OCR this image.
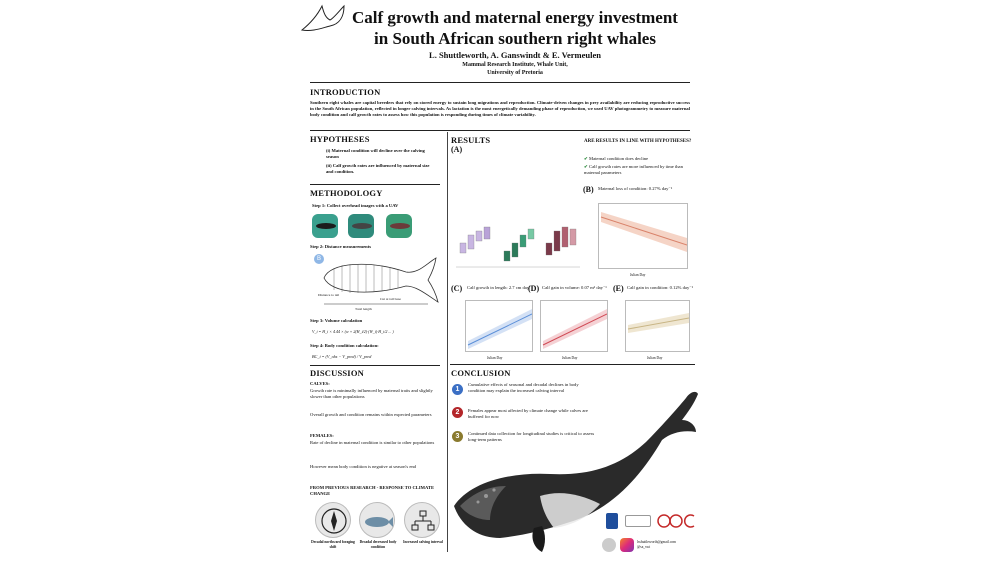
Calf growth and maternal energy investment
in South African southern right whales
L. Shuttleworth, A. Ganswindt & E. Vermeulen
Mammal Research Institute, Whale Unit,
University of Pretoria
INTRODUCTION
Southern right whales are capital breeders that rely on stored energy to sustain long migrations and reproduction. Climate-driven changes in prey availability are reducing reproductive success in the South African population, reflected in longer calving intervals. As lactation is the most energetically demanding phase of reproduction, we used UAV photogrammetry to measure maternal body condition and calf growth rates to assess how this population is responding during times of climate variability.
HYPOTHESES
(i) Maternal condition will decline over the calving season
(ii) Calf growth rates are influenced by maternal size and condition.
METHODOLOGY
Step 1: Collect overhead images with a UAV
Step 2: Distance measurements
B
Distance to tail
Cut at tail base
Total length
Step 3: Volume calculation
V_i = H_i × 4.44 × (w + 2(H_i/2)·(W_i)·H_i/2 ... )
Step 4: Body condition calculation:
BC_i = (V_obs − V_pred) / V_pred
DISCUSSION
CALVES:
Growth rate is minimally influenced by maternal traits and slightly slower than other populations
Overall growth and condition remains within expected parameters
FEMALES:
Rate of decline in maternal condition is similar to other populations
However mean body condition is negative at season's end
FROM PREVIOUS RESEARCH - RESPONSE TO CLIMATE CHANGE
Decadal northward foraging shift
Decadal decreased body condition
Increased calving interval
RESULTS
(A)
ARE RESULTS IN LINE WITH HYPOTHESES?
✔ Maternal condition does decline
✔ Calf growth rates are more influenced by time than maternal parameters
(B) Maternal loss of condition: 0.27% day⁻¹
Julian Day
(C) Calf growth in length: 2.7 cm day⁻¹
Julian Day
(D) Calf gain in volume: 0.07 m³ day⁻¹
Julian Day
(E) Calf gain in condition: 0.12% day⁻¹
Julian Day
CONCLUSION
1
Cumulative effects of seasonal and decadal declines in body condition may explain the increased calving interval
2	Females appear most affected by climate change while calves are buffered for now
3	Continued data collection for longitudinal studies is critical to assess long-term patterns
lsshuttleworth@gmail.com
@sa_swt
